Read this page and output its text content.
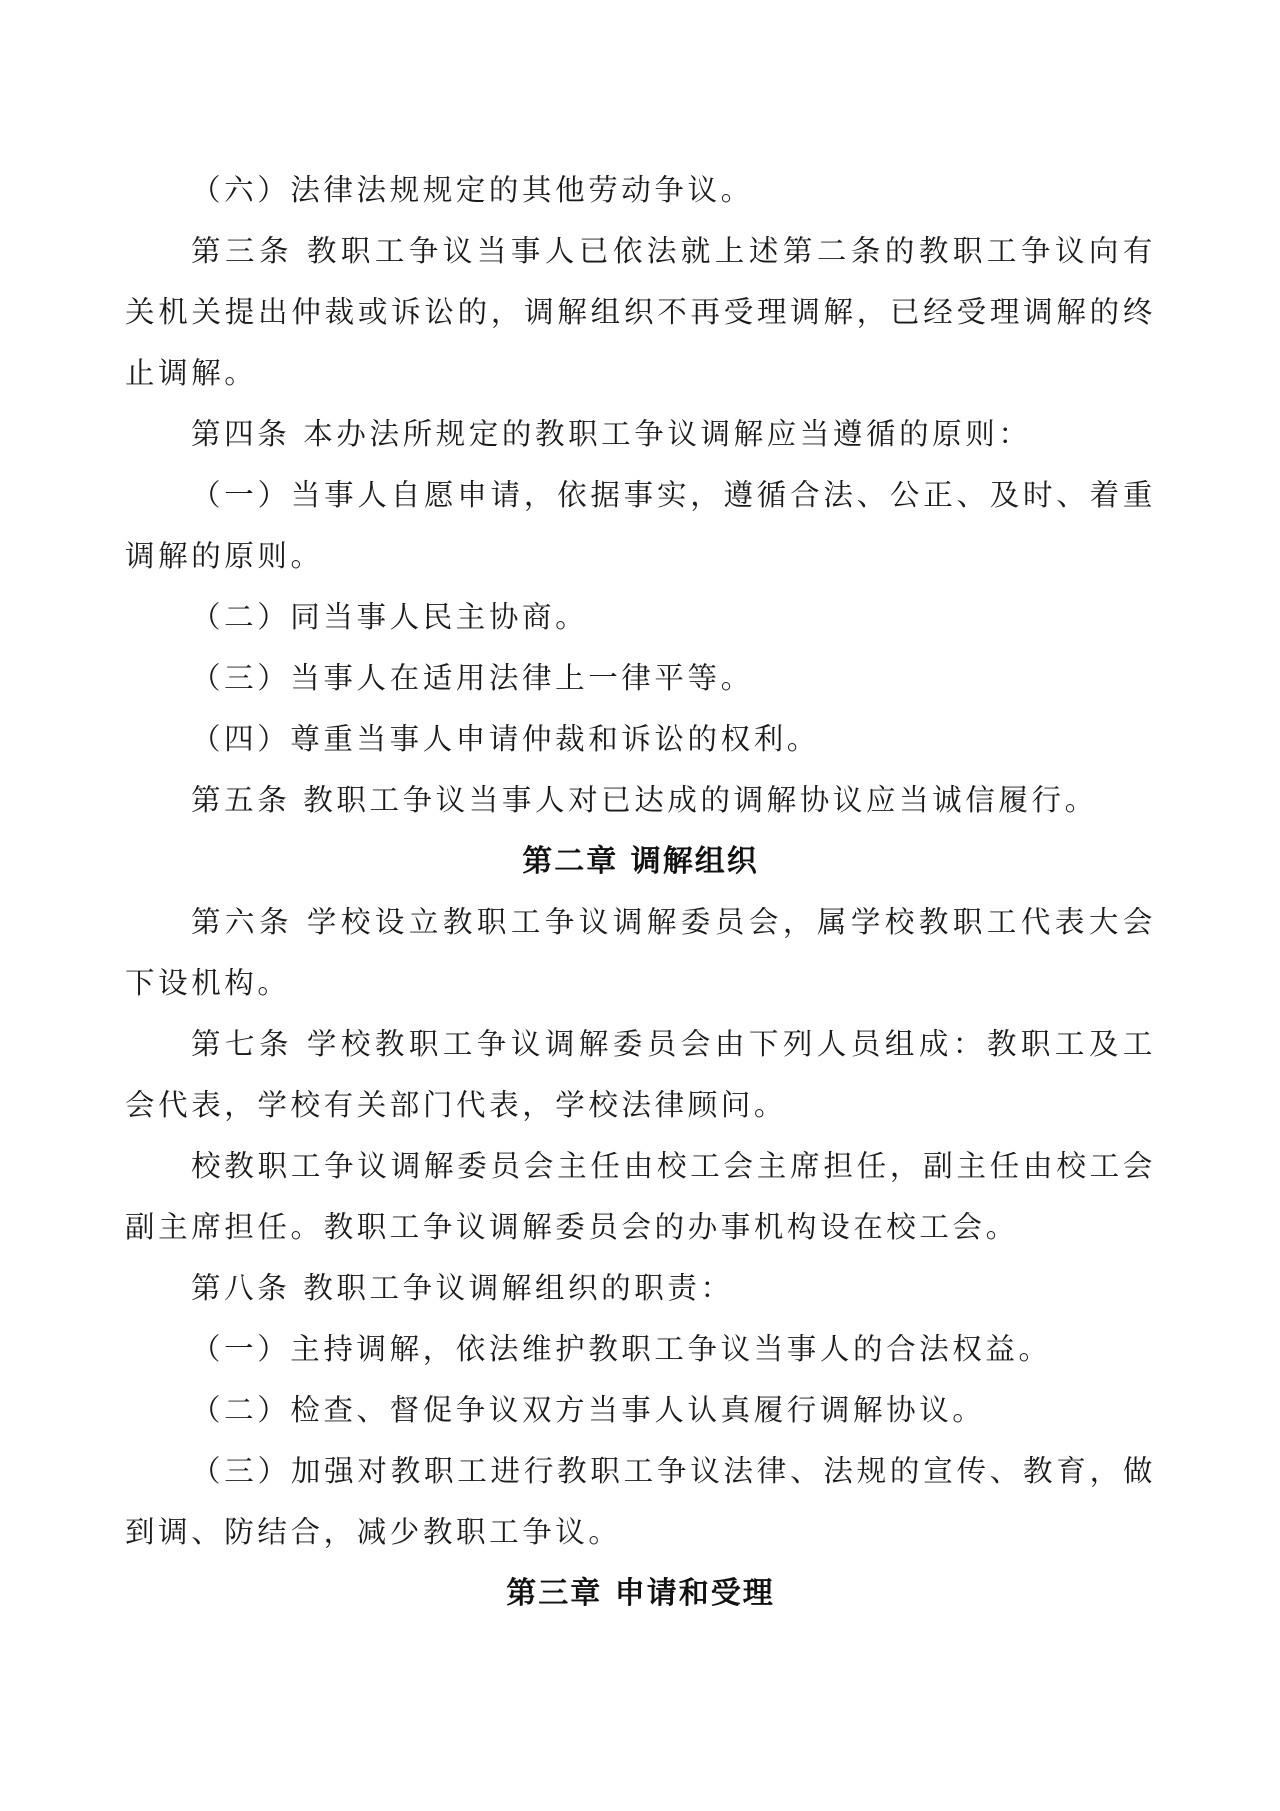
（六）法律法规规定的其他劳动争议。

第三条 教职工争议当事人已依法就上述第二条的教职工争议向有关机关提出仲裁或诉讼的，调解组织不再受理调解，已经受理调解的终止调解。

第四条 本办法所规定的教职工争议调解应当遵循的原则：

（一）当事人自愿申请，依据事实，遵循合法、公正、及时、着重调解的原则。

（二）同当事人民主协商。

（三）当事人在适用法律上一律平等。

（四）尊重当事人申请仲裁和诉讼的权利。

第五条 教职工争议当事人对已达成的调解协议应当诚信履行。

第二章 调解组织

第六条 学校设立教职工争议调解委员会，属学校教职工代表大会下设机构。

第七条 学校教职工争议调解委员会由下列人员组成：教职工及工会代表，学校有关部门代表，学校法律顾问。

校教职工争议调解委员会主任由校工会主席担任，副主任由校工会副主席担任。教职工争议调解委员会的办事机构设在校工会。

第八条 教职工争议调解组织的职责：

（一）主持调解，依法维护教职工争议当事人的合法权益。

（二）检查、督促争议双方当事人认真履行调解协议。

（三）加强对教职工进行教职工争议法律、法规的宣传、教育，做到调、防结合，减少教职工争议。

第三章 申请和受理
